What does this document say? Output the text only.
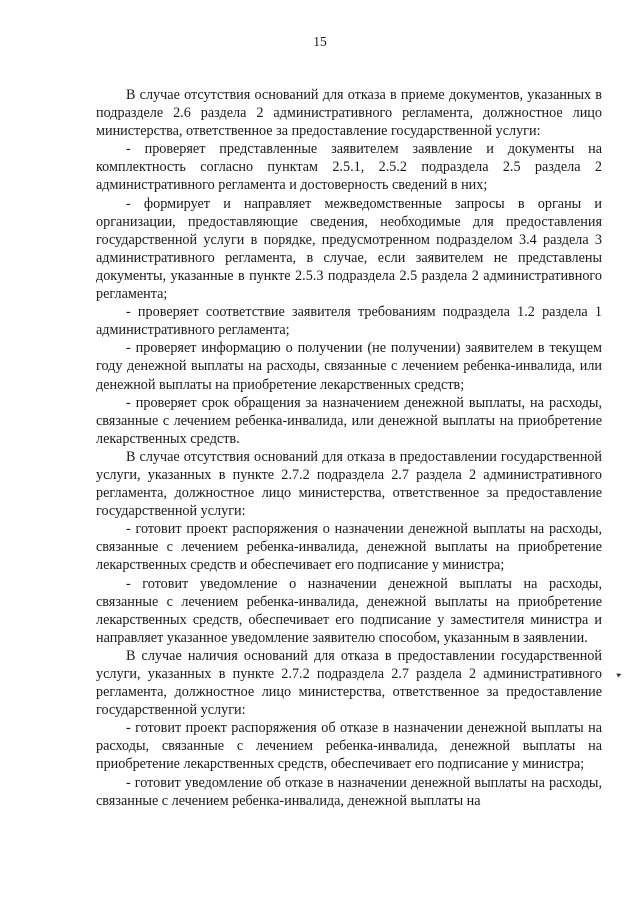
15

В случае отсутствия оснований для отказа в приеме документов, указанных в подразделе 2.6 раздела 2 административного регламента, должностное лицо министерства, ответственное за предоставление государственной услуги:

- проверяет представленные заявителем заявление и документы на комплектность согласно пунктам 2.5.1, 2.5.2 подраздела 2.5 раздела 2 административного регламента и достоверность сведений в них;

- формирует и направляет межведомственные запросы в органы и организации, предоставляющие сведения, необходимые для предоставления государственной услуги в порядке, предусмотренном подразделом 3.4 раздела 3 административного регламента, в случае, если заявителем не представлены документы, указанные в пункте 2.5.3 подраздела 2.5 раздела 2 административного регламента;

- проверяет соответствие заявителя требованиям подраздела 1.2 раздела 1 административного регламента;

- проверяет информацию о получении (не получении) заявителем в текущем году денежной выплаты на расходы, связанные с лечением ребенка-инвалида, или денежной выплаты на приобретение лекарственных средств;

- проверяет срок обращения за назначением денежной выплаты, на расходы, связанные с лечением ребенка-инвалида, или денежной выплаты на приобретение лекарственных средств.

В случае отсутствия оснований для отказа в предоставлении государственной услуги, указанных в пункте 2.7.2 подраздела 2.7 раздела 2 административного регламента, должностное лицо министерства, ответственное за предоставление государственной услуги:

- готовит проект распоряжения о назначении денежной выплаты на расходы, связанные с лечением ребенка-инвалида, денежной выплаты на приобретение лекарственных средств и обеспечивает его подписание у министра;

- готовит уведомление о назначении денежной выплаты на расходы, связанные с лечением ребенка-инвалида, денежной выплаты на приобретение лекарственных средств, обеспечивает его подписание у заместителя министра и направляет указанное уведомление заявителю способом, указанным в заявлении.

В случае наличия оснований для отказа в предоставлении государственной услуги, указанных в пункте 2.7.2 подраздела 2.7 раздела 2 административного регламента, должностное лицо министерства, ответственное за предоставление государственной услуги:

- готовит проект распоряжения об отказе в назначении денежной выплаты на расходы, связанные с лечением ребенка-инвалида, денежной выплаты на приобретение лекарственных средств, обеспечивает его подписание у министра;

- готовит уведомление об отказе в назначении денежной выплаты на расходы, связанные с лечением ребенка-инвалида, денежной выплаты на

▸
